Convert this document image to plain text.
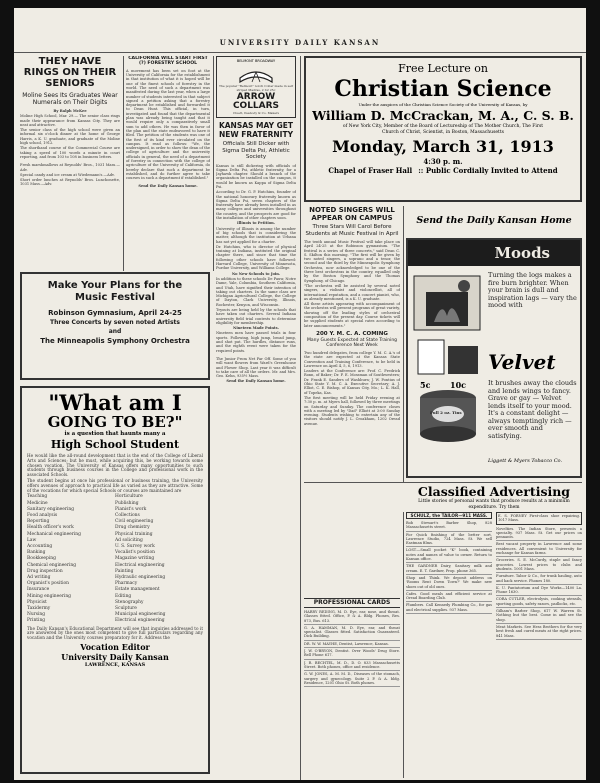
UNIVERSITY DAILY KANSAN
THEY HAVE RINGS ON THEIR SENIORS
Moline Sees Its Graduates Wear Numerals on Their Digits
By Ralph McKee

Moline High School, Mar. 29.— The senior class rings made their appearance from Kansas City. They are neat and attractive.

The senior class of the high school were given an informal six o'clock dinner at the home of George Harris, a K. U. graduate, and graduate of the Moline high school, 1912.

The shorthand course of the Commercial Course are taking a speed of 100 words a minute in court reporting, and from 103 to 108 in business letters.

Fresh marshmallows at Reynolds' Bros., 1031 Mass.—Adv.

Special candy and ice cream at Wiedemann's.—Adv.

Short order lunches at Reynolds' Bros. Lunchonette, 1031 Mass.—Adv.

CALIFORNIA WILL START FIRST (?) FORESTRY SCHOOL

A movement has been set on foot at the University of California for the establishment in that institution of what it is hoped will be one of the finest schools of forestry in the world. The need of such a department was manifested during the last year, when a large number of students interested in that subject signed a petition asking that a forestry department be established and forwarded it to Dean Hunt. This official, in turn, investigated and found that the departmental plan was already being taught and that it would require only a comparatively small sum to add others. He was then in favor of the plan and the state endeavored to have it filed. The petition of the students was one of the first of its kind ever circulated on the campus. It read as follows: "We, the undersigned, in order to show the dean of the college of agriculture and the university officials in general, the need of a department of forestry in connection with the college of agriculture of the University of California, do hereby declare that such a department be established, and do further agree to take courses in such a department if established."

Send the Daily Kansan home.

BELMONT BROADWAY
The popular "Belmont" notch Collar made in self striped Madras, 2 for 25c
ARROW COLLARS
Cluett, Peabody & Co. Makers
KANSAS MAY GET NEW FRATERNITY
Officials Still Dicker with Sigma Delta Psi, Athletic Society

Kansas is still dickering with officials of Sigma Delta Psi, athletic fraternity, for a Jayhawk chapter. Should a branch of the organization be installed on the campus, it would be known as Kappa of Sigma Delta Psi.

According to Dr. G. P. Hutchins, founder of the national honorary fraternity known as Sigma Delta Psi, seven chapters of the fraternity have already been installed in as many colleges and universities throughout the country, and the prospects are good for the installation of other chapters soon.

Illinois to Petition.

University of Illinois is among the number of big schools that is considering the matter, although the institution at Urbana has not yet applied for a charter.

Dr. Hutchins, who is director of physical training at Indiana, instituted the original chapter there, and since that time the following other schools have followed: Harvard College, University of Minnesota, Purdue University, and Williams College.

No New Schools to Join.

In addition to these schools De Pauw, Notre Dame, Yale, Columbia, Southern California, and Utah, have signified their intention of taking out charters. In the same class are Michigan Agricultural College, the College of Dayton, Clark University, Illinois, Rochester, Kenyon, and Wisconsin.

Tryouts are being held by the schools that have taken out charters. Several Indiana university field trial contests to determine eligibility for membership.

Nineteen Made Points.

Nineteen men have passed trials in four sports. Following, high jump, broad jump, and shot put. The hurdles, distance runs, and the eighth event were taken for the required points.

The Junior Prom Net Far Off. Some of you will want flowers from Ward's Greenhouse and Flower Shop. Last year it was difficult to take care of all the orders. Mr. and Mrs. Geo. Kehn, 935½ Mass.

Send the Daily Kansan home.

Make Your Plans for the
Music Festival
Robinson Gymnasium, April 24-25
Three Concerts by seven noted Artists
and
The Minneapolis Symphony Orchestra
"What am I
GOING TO BE?"
is a question that haunts many a
High School Student

He would like the all-round development that is the end of the College of Liberal Arts and Sciences; but he must, while acquiring this, be working towards some chosen vocation. The University of Kansas offers many opportunities to such students through business courses in the College and professional work in the associated Schools.

The student begins at once his professional or business training, the University offers avenues of approach to practical life as varied as they are attractive. Some of the vocations for which special Schools or courses are maintained are

Teaching
Medicine
Sanitary engineering
Food analysis
Reporting
Health officer's work
Mechanical engineering
Law
Accounting
Banking
Bookkeeping
Chemical engineering
Drug inspection
Ad writing
Organist's position
Insurance
Mining engineering
Physicist
Taxidermy
Nursing
Printing
Horticulture
Publishing
Pianist's work
Collections
Civil engineering
Drug chemistry
Physical training
Ad soliciting
U. S. Survey work
Vocalist's position
Magazine writing
Electrical engineering
Painting
Hydraulic engineering
Pharmacy
Estate management
Editing
Stenography
Sculpture
Municipal engineering
Electrical engineering

The Daily Kansan's Educational Department will see that inquiries addressed to it are answered by the ones most competent to give full particulars regarding any vocation and the University courses preparatory for it. Address the

Vocation Editor
University Daily Kansan
LAWRENCE, KANSAS
Free Lecture on
Christian Science
Under the auspices of the Christian Science Society of the University of Kansas, by
William D. McCrackan, M. A., C. S. B.
of New York City, Member of the Board of Lectureship of The Mother Church, The First Church of Christ, Scientist, in Boston, Massachusetts
Monday, March 31, 1913
4:30 p. m.
Chapel of Fraser Hall :: Public Cordially Invited to Attend
NOTED SINGERS WILL APPEAR ON CAMPUS
Three Stars Will Carol Before Students at Music Festival in April

The tenth annual Music Festival will take place on April 24-25 at the Robinson gymnasium. "The festival is a series of three concerts," said Dean C. S. Skilton this morning. "The first will be given by two noted singers, a soprano and a tenor, the second and the third by the Minneapolis Symphony Orchestra, now acknowledged to be one of the three best orchestras in the country, equalled only by the Boston Symphony and the Thomas Symphony, of Chicago.

"The orchestra will be assisted by several noted singers, a violinist and violoncellist, all of international reputation, and a concert pianist, who, as already mentioned, is a K. U. graduate.

All these artists appearing with accompaniment of the orchestra will present programs of great variety, showing off the leading styles of orchestral composition of the present day. Course tickets will be supplied students at special rates according to later announcements."

200 Y. M. C. A. COMING
Many Guests Expected at State Training Conference Next Week

Two hundred delegates, from college Y. M. C. A.'s of the state are expected at the Kansas State Convention and Training Conference, to be held in Lawrence on April 4, 5, 6, 1913.

Leaders at the Conference are: Prof. C. Fredrick Ronn, of Baker; Dr. F. E. Mossman of Southwestern; Dr. Frank E. Sanders of Washburn; J. W. Pontius of Ohio State Y. M. C. A. Executive Secretary; A. J. Elliot, C. E. Bishop, of Kansas City, Mo.; L. K. Hall, of Topeka, Kas.

The first meeting will be held Friday evening at 7:30 p. m. at Myers hall, followed by three meetings on Saturday and Sunday. The conference closes with a meeting led by "Dad" Elliott at 3:00 Sunday evening. Students wishing to entertain any of the visitors should notify J. L. Croakham, 1202 Oread avenue.

Send the Daily Kansan Home
Moods
Turning the logs makes a fire burn brighter. When your brain is dull and inspiration lags — vary the mood with
Velvet
It brushes away the clouds and lends wings to fancy. Grave or gay — Velvet lends itself to your mood. It's a constant delight — always temptingly rich — ever smooth and satisfying.
5c 10c
Full 2 oz. Tins
Liggett & Myers Tobacco Co.
Classified Advertising
Little stories of personal wants that produce results at a minimum expenditure. Try them
PROFESSIONAL CARDS

HARRY REDING, M. D. Eye, ear, nose, and throat. Glasses fitted. Office, P. & A. Bldg. Phones, Res. 873, Bus. 613.

G. A. HAMMAN, M. D. Eye, ear, and throat specialist. Glasses fitted. Satisfaction Guaranteed. Dick Building.

DR. W. W. MAYHE, Dentist, Lawrence, Kansas.

J. W. O'BRYON, Dentist. Over Woods' Drug Store. Bell Phone 617.

J. R. BECHTEL, M. D., D. O. 833 Massachusetts Street. Both phones, office and residence.

G. W. JONES, A. M. M. D., Diseases of the stomach, surgery and gynecology. Suite 2 P. & A. bldg. Residence, 1201 Ohio St. Both phones.

SCHULZ, the TAILOR—911 MASS.

Bob Stewart's Barber Shop, 828 Massachusetts street.

For Quick finishing of the better sort, Lawrence Studio, 724 Mass. St. We sell Eastman films.

LOST.—Small pocket "K" book, containing notes and names of value to owner. Return to Kansan office.

THE GARDNER Dairy, Sanitary milk and cream. E. T. Gardner, Prop. phone 365.

Shop and Think. We deposit address on 'Rooms Rent Down Town?' We make new shoes out of old ones.

Cafes. Good meals and efficient service at Oread Boarding Club.

Plumbers. Call Kennedy Plumbing Co., for gas and electrical supplies. 937 Mass.

E. S. FORNEY First-class shoe repairing. 1017 Mass.

Novelties. The Indian Store, presents a specialty. 937 Mass. St. Get our prices on pennants.

Best vacant property in Lawrence and some residences. All convenient to University for exchange for Kansas farms.

Groceries. S. E. McCurdy, staple and fancy groceries. Lowest prices to clubs and students. 1001 Mass.

Furniture. Tabor & Co., for trunk hauling, auto and hack service. Phones 180.

K. U. Pantatorium and Dye Works—1400 La. Phone 1630.

CORA CUTLER, electrolysis, cooking utensils, sporting goods, safety razors, padlocks, etc.

Gilham's Barber Shop, 617 W. Warren St. Nothing but the best. Come in and see the shop.

Meat Markets. See Hess Brothers for the very best fresh and cured meats at the right prices. 841 Mass.
